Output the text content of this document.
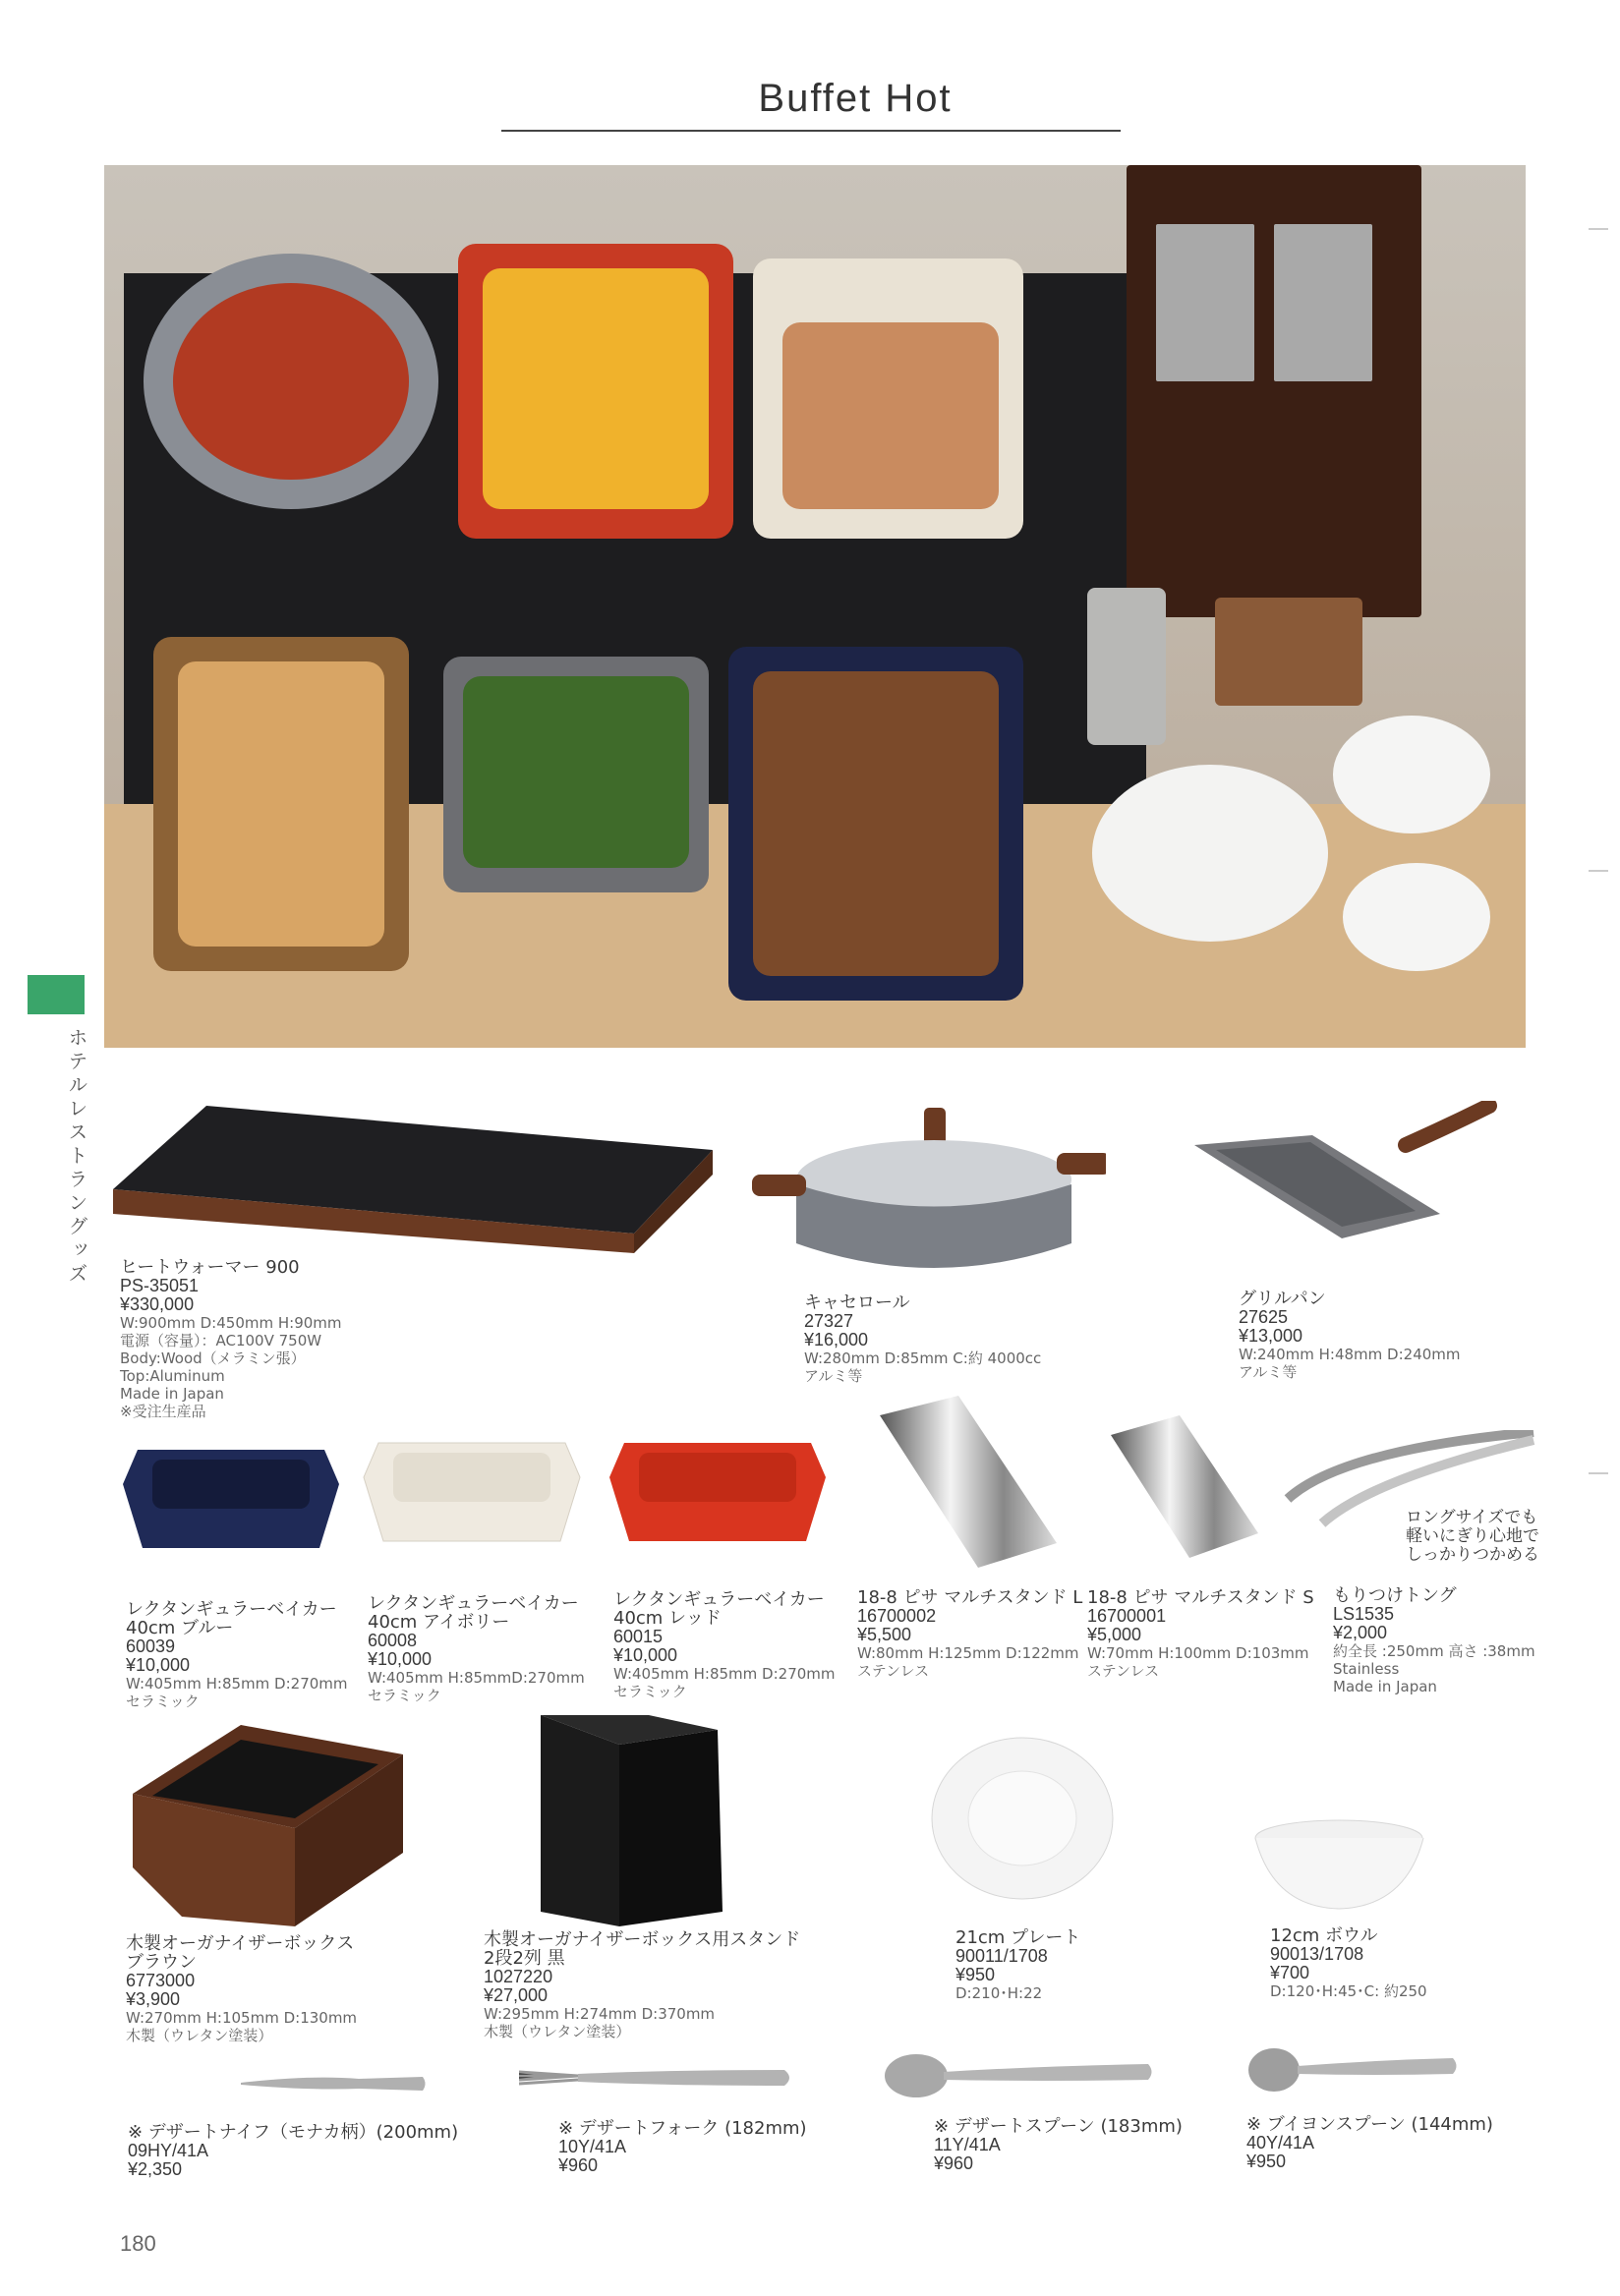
Buffet Hot
ホテルレストラングッズ ヒートウォーマー 900
PS-35051
¥330,000
W:900mm D:450mm H:90mm
電源（容量）：AC100V 750W
Body:Wood（メラミン張）
Top:Aluminum
Made in Japan
※受注生産品
キャセロール
27327
¥16,000
W:280mm D:85mm C:約 4000cc
アルミ等
グリルパン
27625
¥13,000
W:240mm H:48mm D:240mm
アルミ等
ロングサイズでも
軽いにぎり心地で
しっかりつかめる
レクタンギュラーベイカー
40cm ブルー
60039
¥10,000
W:405mm H:85mm D:270mm
セラミック
レクタンギュラーベイカー
40cm アイボリー
60008
¥10,000
W:405mm H:85mmD:270mm
セラミック
レクタンギュラーベイカー
40cm レッド
60015
¥10,000
W:405mm H:85mm D:270mm
セラミック
18-8 ピサ マルチスタンド L
16700002
¥5,500
W:80mm H:125mm D:122mm
ステンレス
18-8 ピサ マルチスタンド S
16700001
¥5,000
W:70mm H:100mm D:103mm
ステンレス
もりつけトング
LS1535
¥2,000
約全長 :250mm 高さ :38mm
Stainless
Made in Japan
木製オーガナイザーボックス
ブラウン
6773000
¥3,900
W:270mm H:105mm D:130mm
木製（ウレタン塗装）
木製オーガナイザーボックス用スタンド
2段2列 黒
1027220
¥27,000
W:295mm H:274mm D:370mm
木製（ウレタン塗装）
21cm プレート
90011/1708
¥950
D:210･H:22
12cm ボウル
90013/1708
¥700
D:120･H:45･C: 約250
※ デザートナイフ（モナカ柄）(200mm)
09HY/41A
¥2,350
※ デザートフォーク (182mm)
10Y/41A
¥960
※ デザートスプーン (183mm)
11Y/41A
¥960
※ ブイヨンスプーン (144mm)
40Y/41A
¥950
180
